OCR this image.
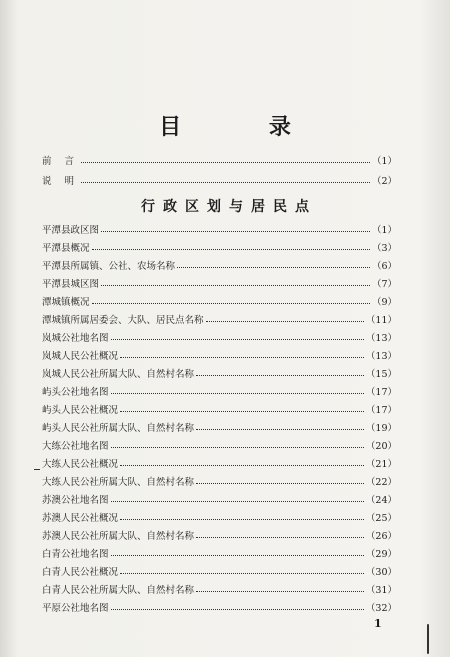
目 录
前 言	（1）
说 明	（2）
行政区划与居民点
平潭县政区图	（1）
平潭县概况	（3）
平潭县所属镇、公社、农场名称	（6）
平潭县城区图	（7）
潭城镇概况	（9）
潭城镇所属居委会、大队、居民点名称	（11）
岚城公社地名图	（13）
岚城人民公社概况	（13）
岚城人民公社所属大队、自然村名称	（15）
屿头公社地名图	（17）
屿头人民公社概况	（17）
屿头人民公社所属大队、自然村名称	（19）
大练公社地名图	（20）
大练人民公社概况	（21）
大练人民公社所属大队、自然村名称	（22）
苏澳公社地名图	（24）
苏澳人民公社概况	（25）
苏澳人民公社所属大队、自然村名称	（26）
白青公社地名图	（29）
白青人民公社概况	（30）
白青人民公社所属大队、自然村名称	（31）
平原公社地名图	（32）
1
